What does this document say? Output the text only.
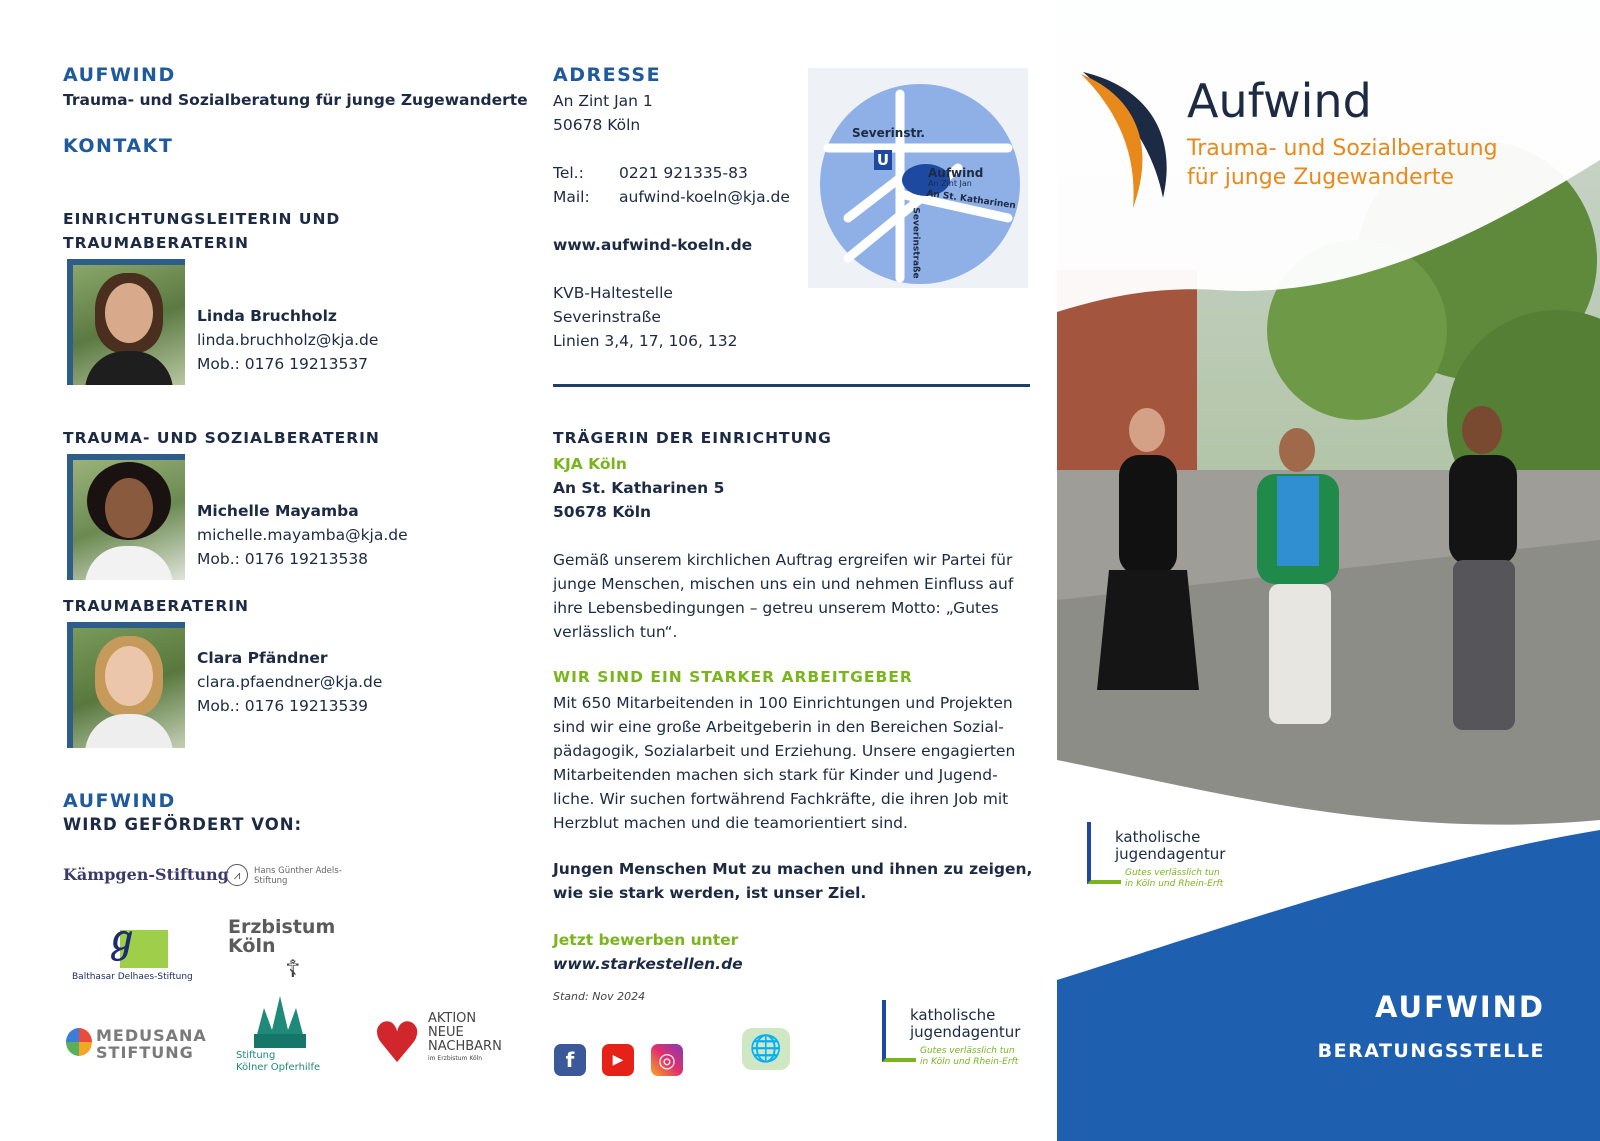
AUFWIND
Trauma- und Sozialberatung für junge Zugewanderte
KONTAKT
EINRICHTUNGSLEITERIN UND
TRAUMABERATERIN
Linda Bruchholz
linda.bruchholz@kja.de
Mob.: 0176 19213537
TRAUMA- UND SOZIALBERATERIN
Michelle Mayamba
michelle.mayamba@kja.de
Mob.: 0176 19213538
TRAUMABERATERIN
Clara Pfändner
clara.pfaendner@kja.de
Mob.: 0176 19213539
AUFWIND
WIRD GEFÖRDERT VON:
Kämpgen-Stiftung ⩘	Hans Günther Adels-
Stiftung
ℊ
Balthasar Delhaes-Stiftung
Erzbistum
Köln
☦
MEDUSANA
STIFTUNG	Stiftung
Kölner Opferhilfe ♥ AKTION
NEUE
NACHBARN
im Erzbistum Köln
ADRESSE
An Zint Jan 1
50678 Köln
Tel.: 0221 921335-83
Mail: aufwind-koeln@kja.de
www.aufwind-koeln.de
KVB-Haltestelle
Severinstraße
Linien 3,4, 17, 106, 132
Severinstr.
U
Aufwind
An Zint Jan
An St. Katharinen
Severinstraße
TRÄGERIN DER EINRICHTUNG
KJA Köln
An St. Katharinen 5
50678 Köln
Gemäß unserem kirchlichen Auftrag ergreifen wir Partei für
junge Menschen, mischen uns ein und nehmen Einfluss auf
ihre Lebensbedingungen – getreu unserem Motto: „Gutes
verlässlich tun“.
WIR SIND EIN STARKER ARBEITGEBER
Mit 650 Mitarbeitenden in 100 Einrichtungen und Projekten
sind wir eine große Arbeitgeberin in den Bereichen Sozial-
pädagogik, Sozialarbeit und Erziehung. Unsere engagierten
Mitarbeitenden machen sich stark für Kinder und Jugend-
liche. Wir suchen fortwährend Fachkräfte, die ihren Job mit
Herzblut machen und die teamorientiert sind.
Jungen Menschen Mut zu machen und ihnen zu zeigen,
wie sie stark werden, ist unser Ziel.
Jetzt bewerben unter
www.starkestellen.de
Stand: Nov 2024
f	▶	◎	🌐
katholische
jugendagentur
Gutes verlässlich tun
in Köln und Rhein-Erft
Aufwind
Trauma- und Sozialberatung
für junge Zugewanderte
katholische
jugendagentur
Gutes verlässlich tun
in Köln und Rhein-Erft
AUFWIND
BERATUNGSSTELLE
